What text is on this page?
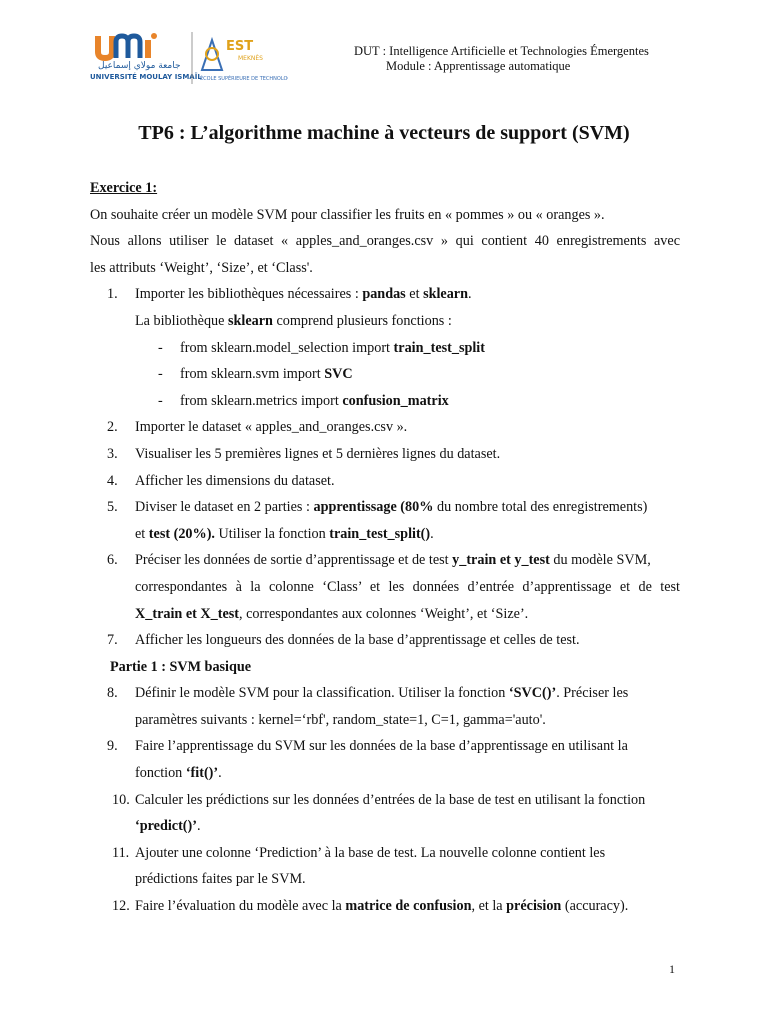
جامعة مولاي إسماعيل
UNIVERSITÉ MOULAY ISMAÏL
EST
MEKNÈS
ÉCOLE SUPÉRIEURE DE TECHNOLOGIE
DUT : Intelligence Artificielle et Technologies Émergentes
Module : Apprentissage automatique
TP6 : L’algorithme machine à vecteurs de support (SVM)
Exercice 1:
On souhaite créer un modèle SVM pour classifier les fruits en « pommes » ou « oranges ».
Nous allons utiliser le dataset « apples_and_oranges.csv » qui contient 40 enregistrements avec
les attributs ‘Weight’, ‘Size’, et ‘Class'.
1. Importer les bibliothèques nécessaires : pandas et sklearn.
La bibliothèque sklearn comprend plusieurs fonctions :
- from sklearn.model_selection import train_test_split
- from sklearn.svm import SVC
- from sklearn.metrics import confusion_matrix
2. Importer le dataset « apples_and_oranges.csv ».
3. Visualiser les 5 premières lignes et 5 dernières lignes du dataset.
4. Afficher les dimensions du dataset.
5. Diviser le dataset en 2 parties : apprentissage (80% du nombre total des enregistrements)
et test (20%). Utiliser la fonction train_test_split().
6. Préciser les données de sortie d’apprentissage et de test y_train et y_test du modèle SVM,
correspondantes à la colonne ‘Class’ et les données d’entrée d’apprentissage et de test
X_train et X_test, correspondantes aux colonnes ‘Weight’, et ‘Size’.
7. Afficher les longueurs des données de la base d’apprentissage et celles de test.
Partie 1 : SVM basique
8. Définir le modèle SVM pour la classification. Utiliser la fonction ‘SVC()’. Préciser les
paramètres suivants : kernel=‘rbf', random_state=1, C=1, gamma='auto'.
9. Faire l’apprentissage du SVM sur les données de la base d’apprentissage en utilisant la
fonction ‘fit()’.
10. Calculer les prédictions sur les données d’entrées de la base de test en utilisant la fonction
‘predict()’.
11. Ajouter une colonne ‘Prediction’ à la base de test. La nouvelle colonne contient les
prédictions faites par le SVM.
12. Faire l’évaluation du modèle avec la matrice de confusion, et la précision (accuracy).
1
